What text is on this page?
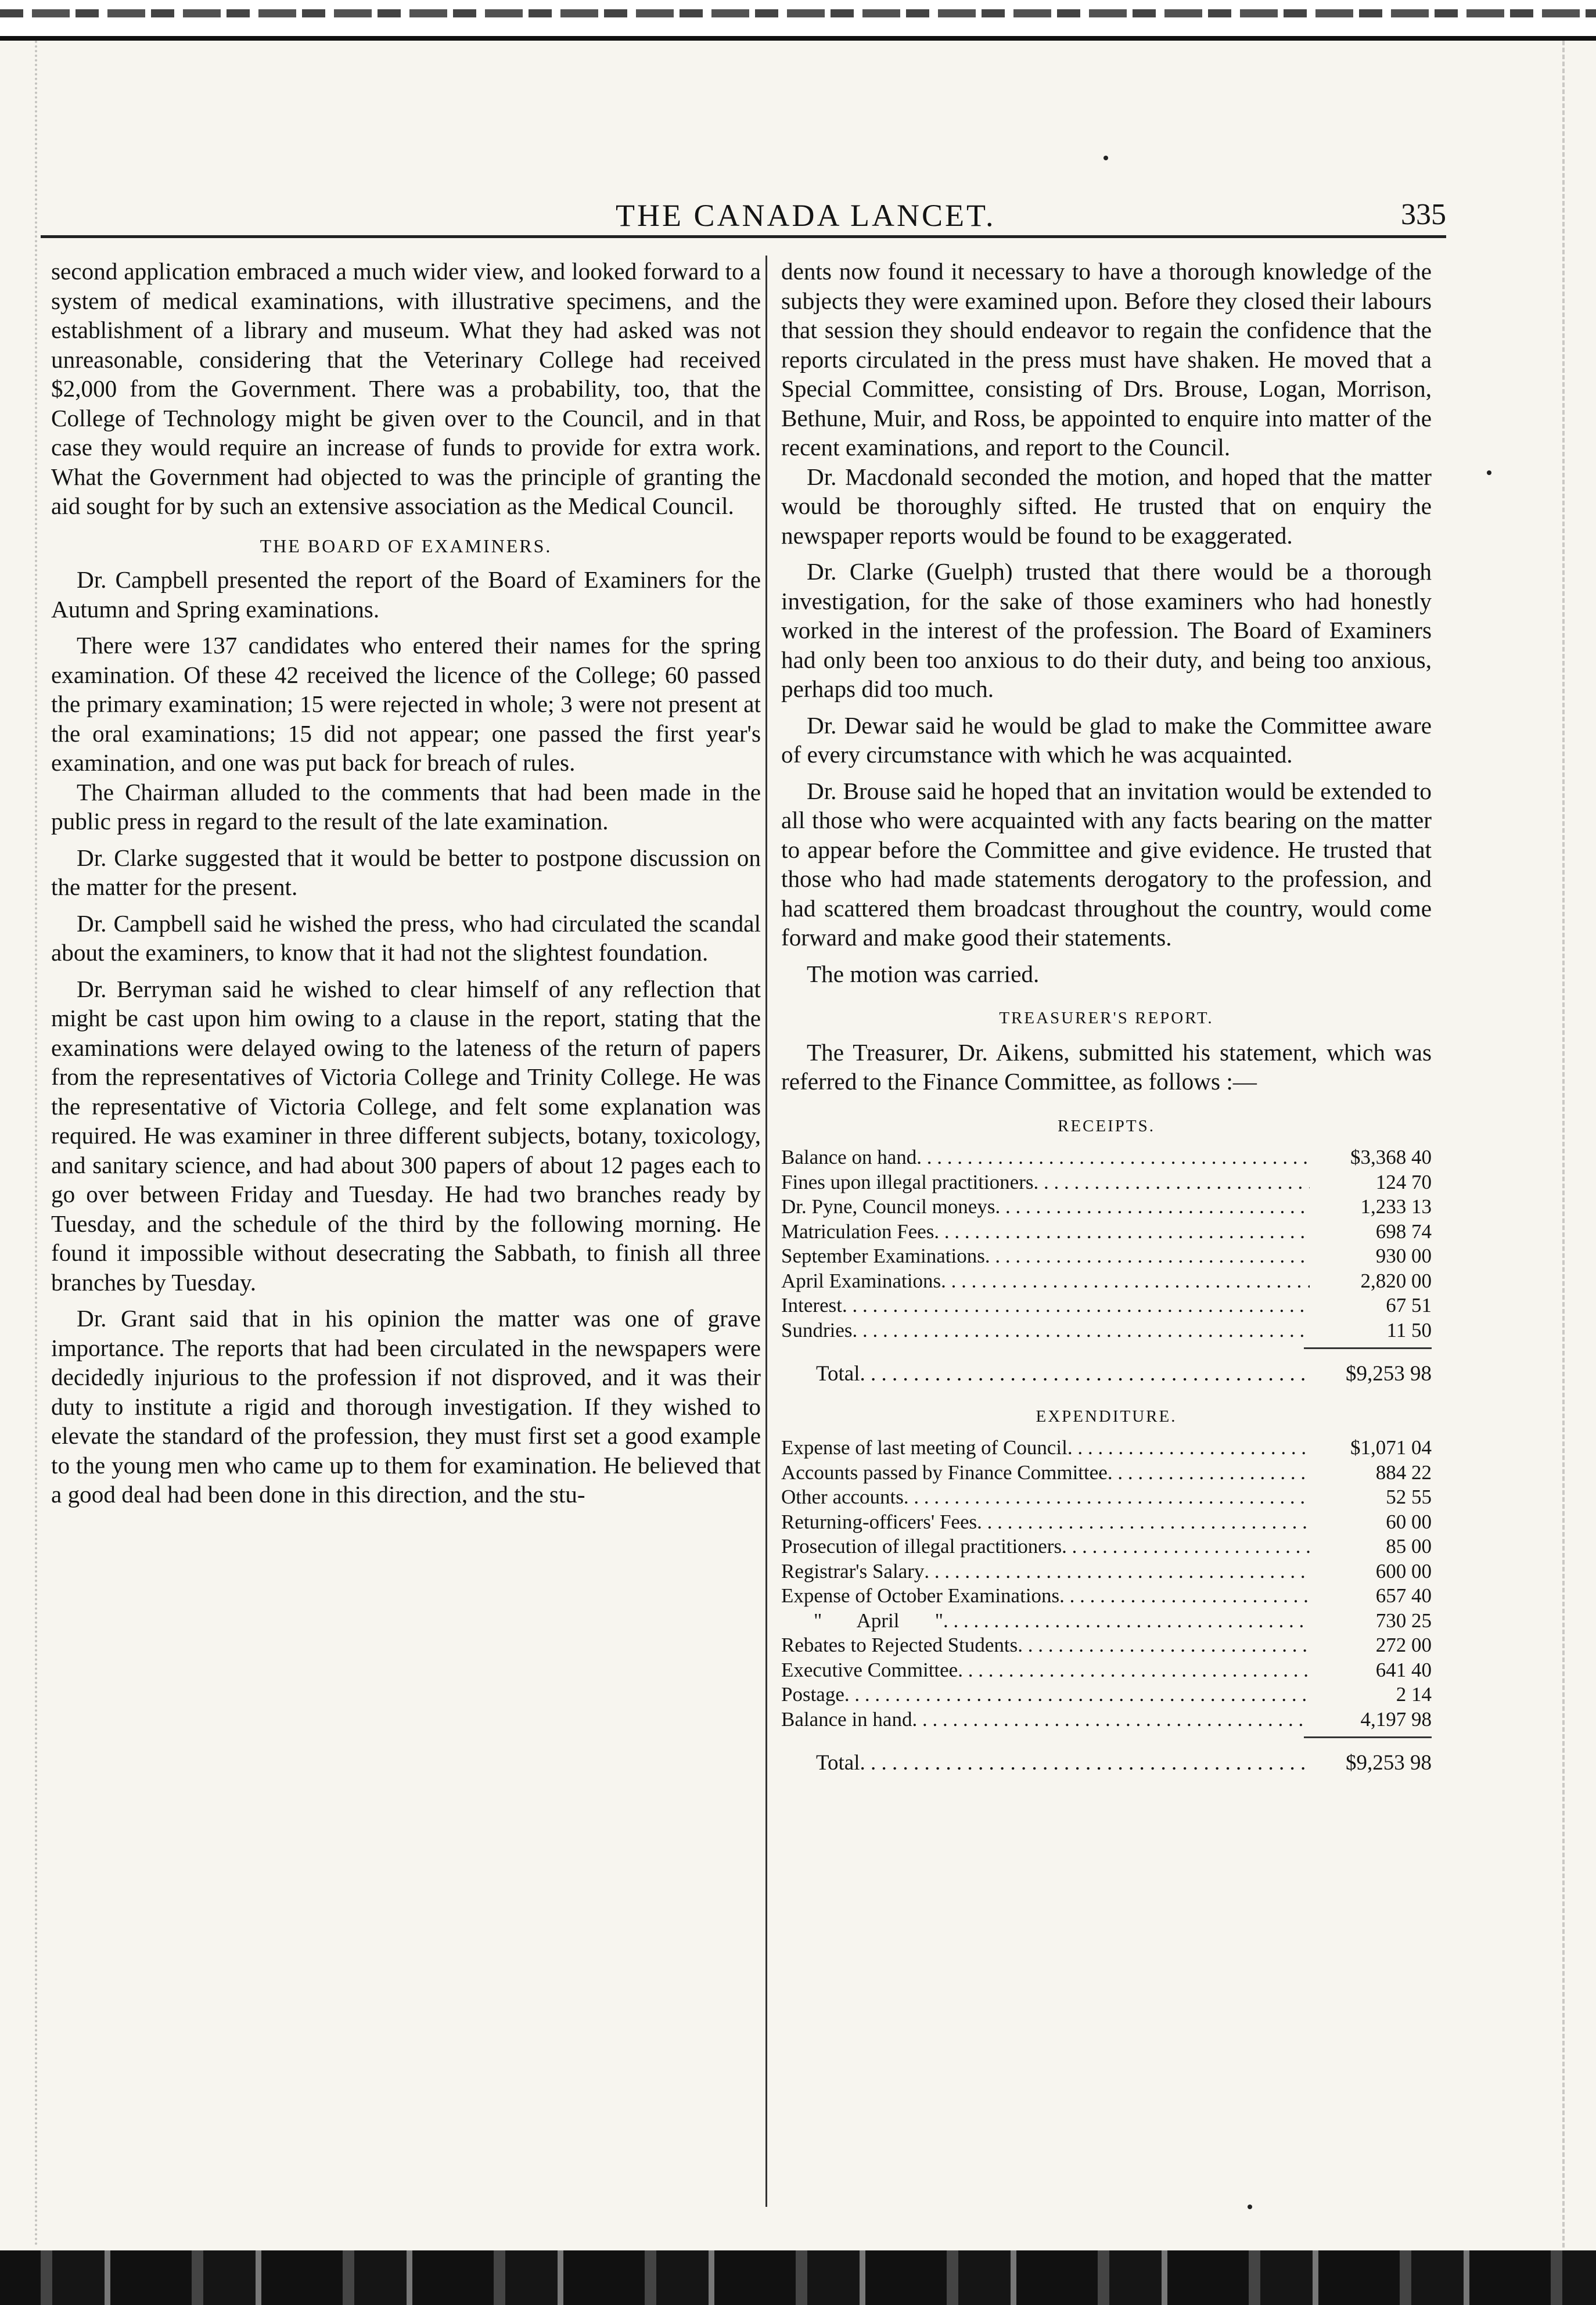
THE CANADA LANCET.	335

second application embraced a much wider view, and looked forward to a system of medical examinations, with illustrative specimens, and the establishment of a library and museum. What they had asked was not unreasonable, considering that the Veterinary College had received $2,000 from the Government. There was a probability, too, that the College of Technology might be given over to the Council, and in that case they would require an increase of funds to provide for extra work. What the Government had objected to was the principle of granting the aid sought for by such an extensive association as the Medical Council.

THE BOARD OF EXAMINERS.

Dr. Campbell presented the report of the Board of Examiners for the Autumn and Spring examinations.

There were 137 candidates who entered their names for the spring examination. Of these 42 received the licence of the College; 60 passed the primary examination; 15 were rejected in whole; 3 were not present at the oral examinations; 15 did not appear; one passed the first year's examination, and one was put back for breach of rules.

The Chairman alluded to the comments that had been made in the public press in regard to the result of the late examination.

Dr. Clarke suggested that it would be better to postpone discussion on the matter for the present.

Dr. Campbell said he wished the press, who had circulated the scandal about the examiners, to know that it had not the slightest foundation.

Dr. Berryman said he wished to clear himself of any reflection that might be cast upon him owing to a clause in the report, stating that the examinations were delayed owing to the lateness of the return of papers from the representatives of Victoria College and Trinity College. He was the representative of Victoria College, and felt some explanation was required. He was examiner in three different subjects, botany, toxicology, and sanitary science, and had about 300 papers of about 12 pages each to go over between Friday and Tuesday. He had two branches ready by Tuesday, and the schedule of the third by the following morning. He found it impossible without desecrating the Sabbath, to finish all three branches by Tuesday.

Dr. Grant said that in his opinion the matter was one of grave importance. The reports that had been circulated in the newspapers were decidedly injurious to the profession if not disproved, and it was their duty to institute a rigid and thorough investigation. If they wished to elevate the standard of the profession, they must first set a good example to the young men who came up to them for examination. He believed that a good deal had been done in this direction, and the stu-

dents now found it necessary to have a thorough knowledge of the subjects they were examined upon. Before they closed their labours that session they should endeavor to regain the confidence that the reports circulated in the press must have shaken. He moved that a Special Committee, consisting of Drs. Brouse, Logan, Morrison, Bethune, Muir, and Ross, be appointed to enquire into matter of the recent examinations, and report to the Council.

Dr. Macdonald seconded the motion, and hoped that the matter would be thoroughly sifted. He trusted that on enquiry the newspaper reports would be found to be exaggerated.

Dr. Clarke (Guelph) trusted that there would be a thorough investigation, for the sake of those examiners who had honestly worked in the interest of the profession. The Board of Examiners had only been too anxious to do their duty, and being too anxious, perhaps did too much.

Dr. Dewar said he would be glad to make the Committee aware of every circumstance with which he was acquainted.

Dr. Brouse said he hoped that an invitation would be extended to all those who were acquainted with any facts bearing on the matter to appear before the Committee and give evidence. He trusted that those who had made statements derogatory to the profession, and had scattered them broadcast throughout the country, would come forward and make good their statements.

The motion was carried.

TREASURER'S REPORT.

The Treasurer, Dr. Aikens, submitted his statement, which was referred to the Finance Committee, as follows :—

RECEIPTS.
Balance on hand . . .	$3,368 40
Fines upon illegal practitioners . . .	124 70
Dr. Pyne, Council moneys . . .	1,233 13
Matriculation Fees . . .	698 74
September Examinations . . .	930 00
April Examinations . . .	2,820 00
Interest . . .	67 51
Sundries . . .	11 50
Total . . .	$9,253 98
EXPENDITURE.
Expense of last meeting of Council . . .	$1,071 04
Accounts passed by Finance Committee . . .	884 22
Other accounts . . .	52 55
Returning-officers' Fees . . .	60 00
Prosecution of illegal practitioners . . .	85 00
Registrar's Salary . . .	600 00
Expense of October Examinations . . .	657 40
"       April       " . . .	730 25
Rebates to Rejected Students . . .	272 00
Executive Committee . . .	641 40
Postage . . .	2 14
Balance in hand . . .	4,197 98
Total . . .	$9,253 98
